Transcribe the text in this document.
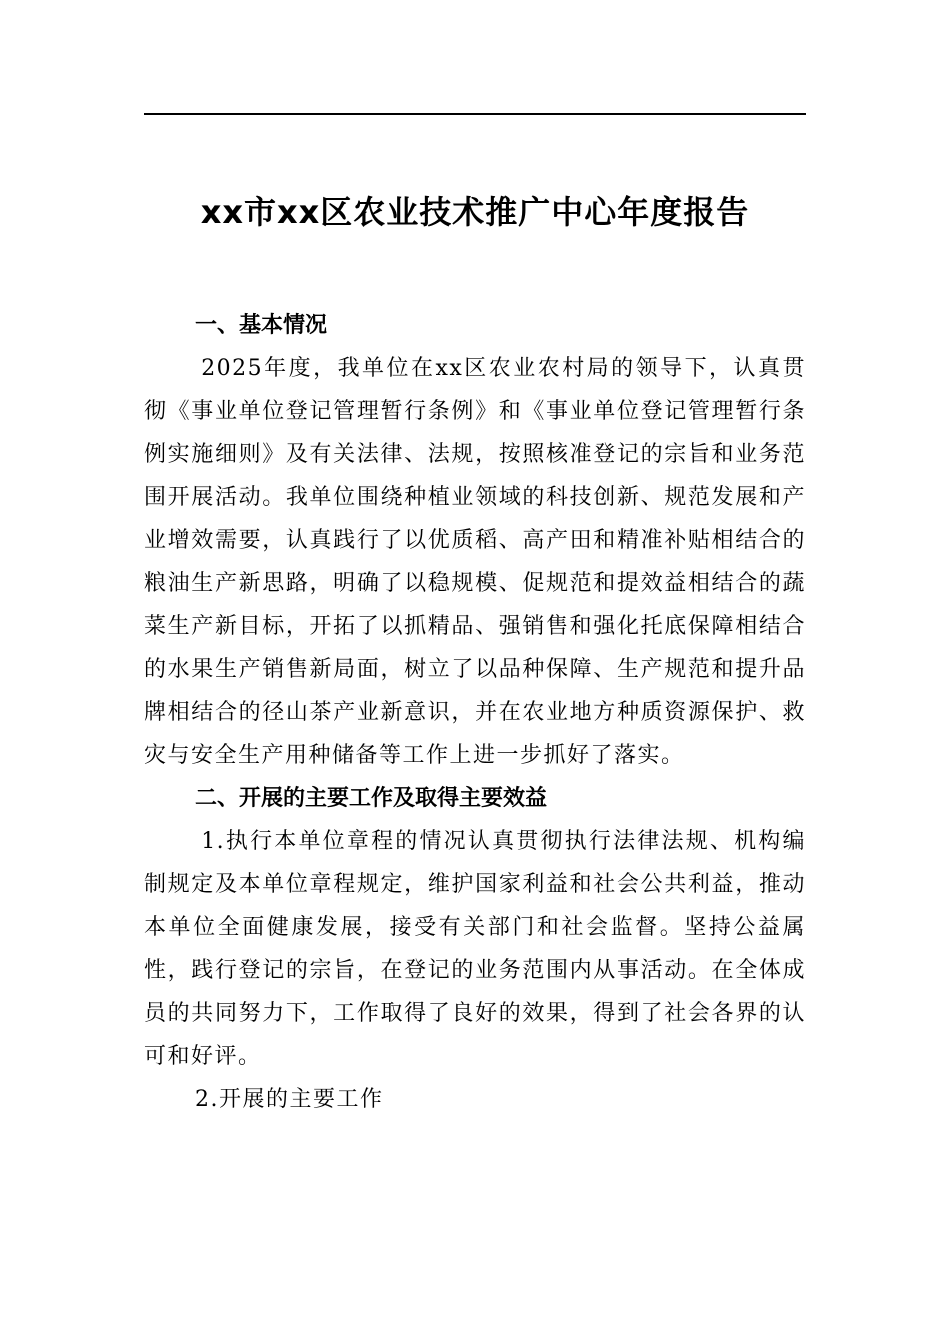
xx市xx区农业技术推广中心年度报告

一、基本情况

2025年度，我单位在xx区农业农村局的领导下，认真贯彻《事业单位登记管理暂行条例》和《事业单位登记管理暂行条例实施细则》及有关法律、法规，按照核准登记的宗旨和业务范围开展活动。我单位围绕种植业领域的科技创新、规范发展和产业增效需要，认真践行了以优质稻、高产田和精准补贴相结合的粮油生产新思路，明确了以稳规模、促规范和提效益相结合的蔬菜生产新目标，开拓了以抓精品、强销售和强化托底保障相结合的水果生产销售新局面，树立了以品种保障、生产规范和提升品牌相结合的径山茶产业新意识，并在农业地方种质资源保护、救灾与安全生产用种储备等工作上进一步抓好了落实。

二、开展的主要工作及取得主要效益

1.执行本单位章程的情况认真贯彻执行法律法规、机构编制规定及本单位章程规定，维护国家利益和社会公共利益，推动本单位全面健康发展，接受有关部门和社会监督。坚持公益属性，践行登记的宗旨，在登记的业务范围内从事活动。在全体成员的共同努力下，工作取得了良好的效果，得到了社会各界的认可和好评。

2.开展的主要工作
